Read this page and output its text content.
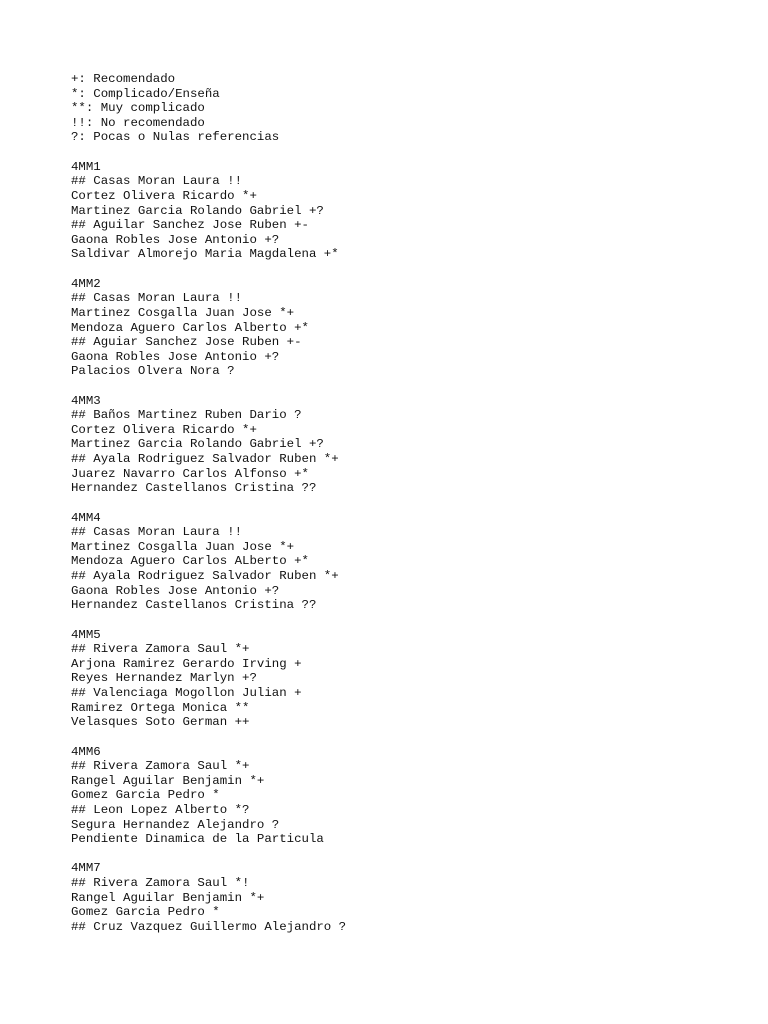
+: Recomendado
*: Complicado/Enseña
**: Muy complicado
!!: No recomendado
?: Pocas o Nulas referencias
4MM1
## Casas Moran Laura !!
Cortez Olivera Ricardo *+
Martinez Garcia Rolando Gabriel +?
## Aguilar Sanchez Jose Ruben +-
Gaona Robles Jose Antonio +?
Saldivar Almorejo Maria Magdalena +*
4MM2
## Casas Moran Laura !!
Martinez Cosgalla Juan Jose *+
Mendoza Aguero Carlos Alberto +*
## Aguiar Sanchez Jose Ruben +-
Gaona Robles Jose Antonio +?
Palacios Olvera Nora ?
4MM3
## Baños Martinez Ruben Dario ?
Cortez Olivera Ricardo *+
Martinez Garcia Rolando Gabriel +?
## Ayala Rodriguez Salvador Ruben *+
Juarez Navarro Carlos Alfonso +*
Hernandez Castellanos Cristina ??
4MM4
## Casas Moran Laura !!
Martinez Cosgalla Juan Jose *+
Mendoza Aguero Carlos ALberto +*
## Ayala Rodriguez Salvador Ruben *+
Gaona Robles Jose Antonio +?
Hernandez Castellanos Cristina ??
4MM5
## Rivera Zamora Saul *+
Arjona Ramirez Gerardo Irving +
Reyes Hernandez Marlyn +?
## Valenciaga Mogollon Julian +
Ramirez Ortega Monica **
Velasques Soto German ++
4MM6
## Rivera Zamora Saul *+
Rangel Aguilar Benjamin *+
Gomez Garcia Pedro *
## Leon Lopez Alberto *?
Segura Hernandez Alejandro ?
Pendiente Dinamica de la Particula
4MM7
## Rivera Zamora Saul *!
Rangel Aguilar Benjamin *+
Gomez Garcia Pedro *
## Cruz Vazquez Guillermo Alejandro ?
